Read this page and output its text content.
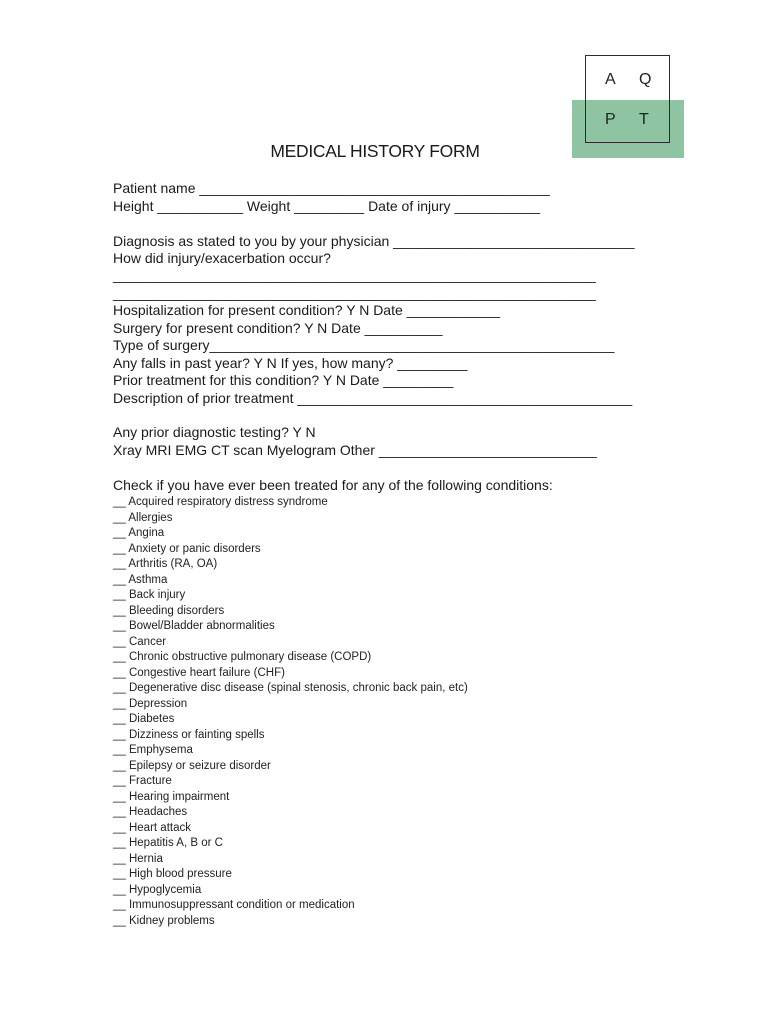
A Q
P T
MEDICAL HISTORY FORM
Patient name _____________________________________________
Height ___________ Weight _________ Date of injury ___________
Diagnosis as stated to you by your physician _______________________________
How did injury/exacerbation occur?
______________________________________________________________
______________________________________________________________
Hospitalization for present condition? Y N Date ____________
Surgery for present condition? Y N Date __________
Type of surgery____________________________________________________
Any falls in past year? Y N If yes, how many? _________
Prior treatment for this condition? Y N Date _________
Description of prior treatment ___________________________________________
Any prior diagnostic testing? Y N
Xray MRI EMG CT scan Myelogram Other ____________________________
Check if you have ever been treated for any of the following conditions:
__ Acquired respiratory distress syndrome
__ Allergies
__ Angina
__ Anxiety or panic disorders
__ Arthritis (RA, OA)
__ Asthma
__ Back injury
__ Bleeding disorders
__ Bowel/Bladder abnormalities
__ Cancer
__ Chronic obstructive pulmonary disease (COPD)
__ Congestive heart failure (CHF)
__ Degenerative disc disease (spinal stenosis, chronic back pain, etc)
__ Depression
__ Diabetes
__ Dizziness or fainting spells
__ Emphysema
__ Epilepsy or seizure disorder
__ Fracture
__ Hearing impairment
__ Headaches
__ Heart attack
__ Hepatitis A, B or C
__ Hernia
__ High blood pressure
__ Hypoglycemia
__ Immunosuppressant condition or medication
__ Kidney problems
